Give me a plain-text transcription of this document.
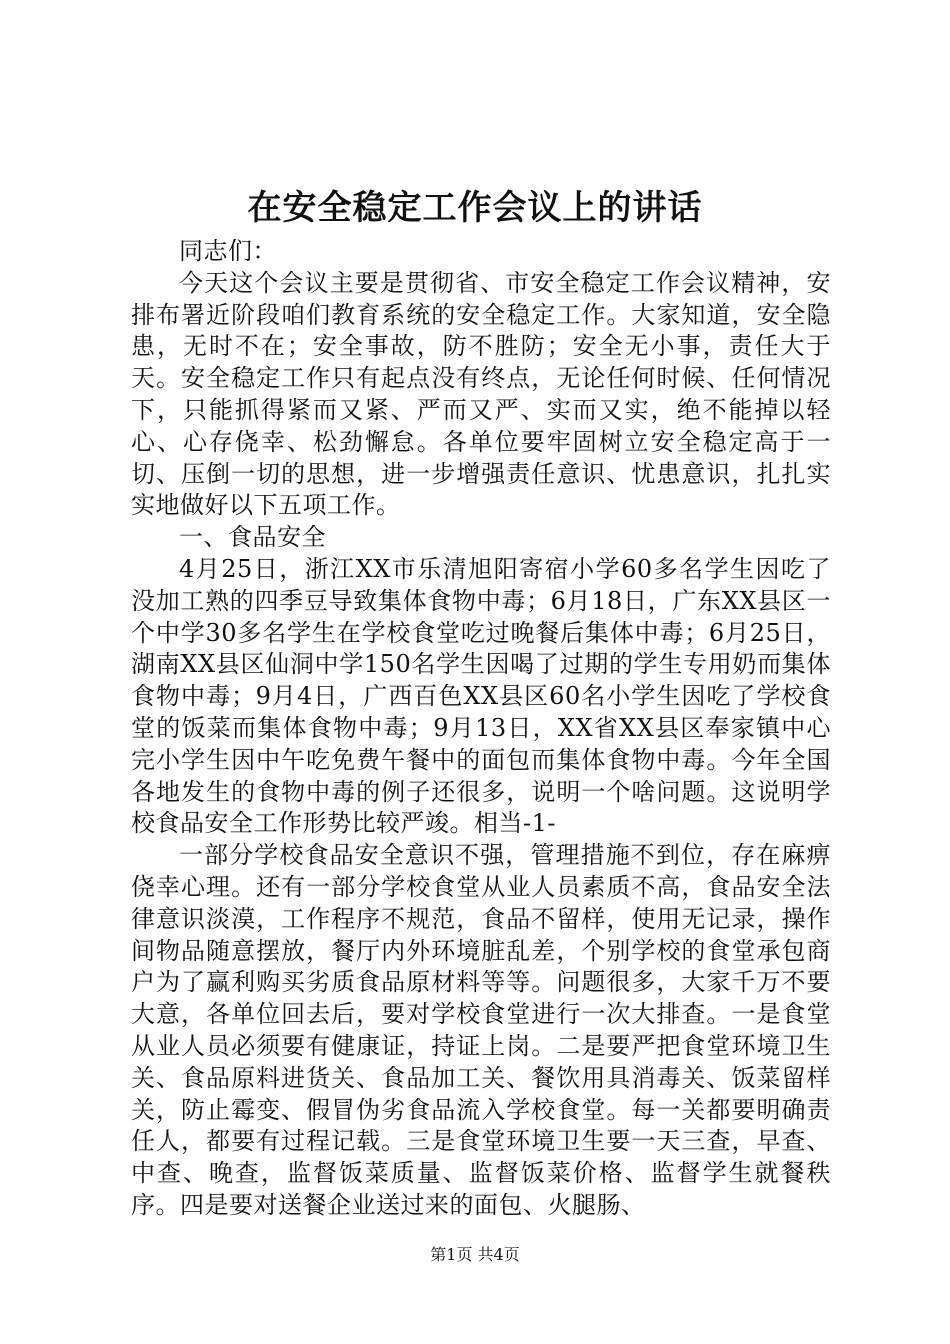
在安全稳定工作会议上的讲话

同志们：

今天这个会议主要是贯彻省、市安全稳定工作会议精神，安排布署近阶段咱们教育系统的安全稳定工作。大家知道，安全隐患，无时不在；安全事故，防不胜防；安全无小事，责任大于天。安全稳定工作只有起点没有终点，无论任何时候、任何情况下，只能抓得紧而又紧、严而又严、实而又实，绝不能掉以轻心、心存侥幸、松劲懈怠。各单位要牢固树立安全稳定高于一切、压倒一切的思想，进一步增强责任意识、忧患意识，扎扎实实地做好以下五项工作。

一、食品安全

4月25日，浙江XX市乐清旭阳寄宿小学60多名学生因吃了没加工熟的四季豆导致集体食物中毒；6月18日，广东XX县区一个中学30多名学生在学校食堂吃过晚餐后集体中毒；6月25日，湖南XX县区仙洞中学150名学生因喝了过期的学生专用奶而集体食物中毒；9月4日，广西百色XX县区60名小学生因吃了学校食堂的饭菜而集体食物中毒；9月13日，XX省XX县区奉家镇中心完小学生因中午吃免费午餐中的面包而集体食物中毒。今年全国各地发生的食物中毒的例子还很多，说明一个啥问题。这说明学校食品安全工作形势比较严竣。相当-1-

一部分学校食品安全意识不强，管理措施不到位，存在麻痹侥幸心理。还有一部分学校食堂从业人员素质不高，食品安全法律意识淡漠，工作程序不规范，食品不留样，使用无记录，操作间物品随意摆放，餐厅内外环境脏乱差，个别学校的食堂承包商户为了赢利购买劣质食品原材料等等。问题很多，大家千万不要大意，各单位回去后，要对学校食堂进行一次大排查。一是食堂从业人员必须要有健康证，持证上岗。二是要严把食堂环境卫生关、食品原料进货关、食品加工关、餐饮用具消毒关、饭菜留样关，防止霉变、假冒伪劣食品流入学校食堂。每一关都要明确责任人，都要有过程记载。三是食堂环境卫生要一天三查，早查、中查、晚查，监督饭菜质量、监督饭菜价格、监督学生就餐秩序。四是要对送餐企业送过来的面包、火腿肠、

第1页 共4页
